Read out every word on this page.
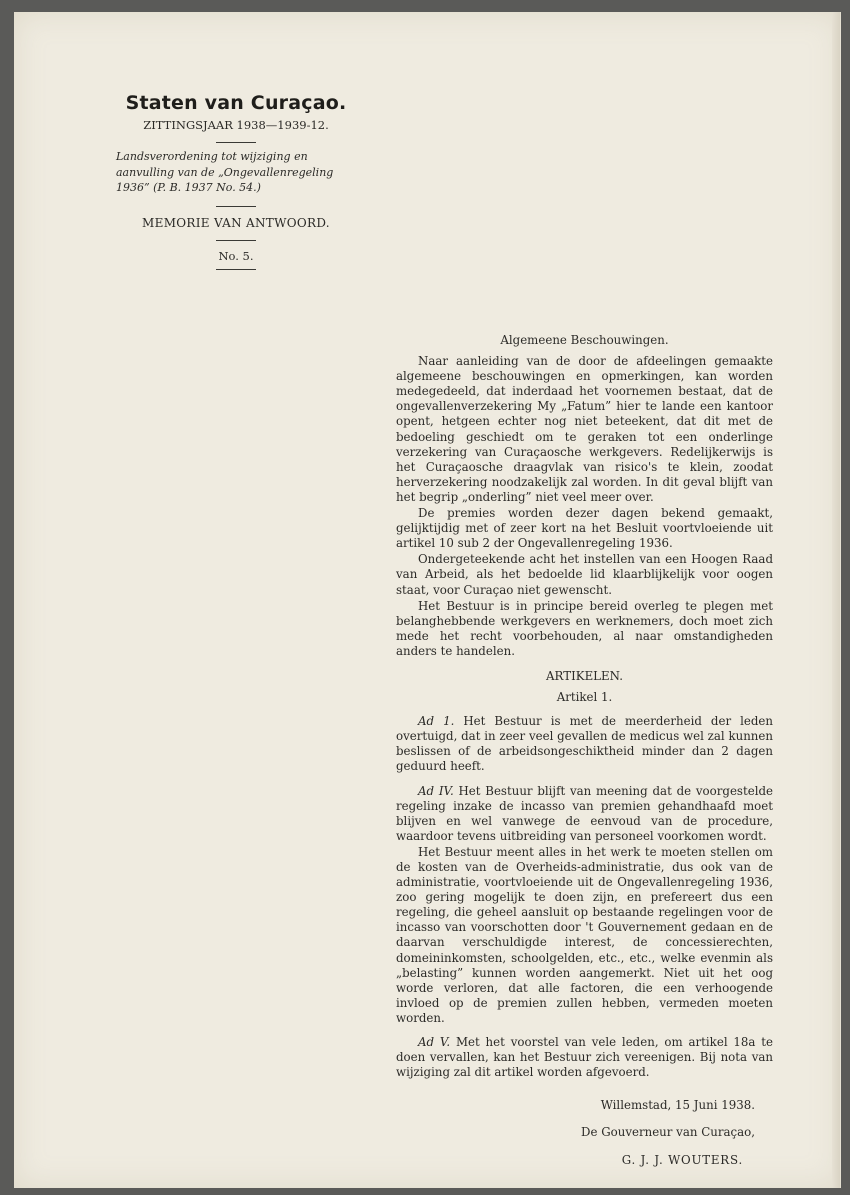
Staten van Curaçao.
ZITTINGSJAAR 1938—1939-12.
Landsverordening tot wijziging en aanvulling van de „Ongevallenregeling 1936” (P. B. 1937 No. 54.)
MEMORIE VAN ANTWOORD.
No. 5.
Algemeene Beschouwingen.

Naar aanleiding van de door de afdeelingen gemaakte algemeene beschouwingen en opmerkingen, kan worden medegedeeld, dat inderdaad het voornemen bestaat, dat de ongevallenverzekering My „Fatum” hier te lande een kantoor opent, hetgeen echter nog niet beteekent, dat dit met de bedoeling geschiedt om te geraken tot een onderlinge verzekering van Curaçaosche werkgevers. Redelijkerwijs is het Curaçaosche draagvlak van risico's te klein, zoodat herverzekering noodzakelijk zal worden. In dit geval blijft van het begrip „onderling” niet veel meer over.

De premies worden dezer dagen bekend gemaakt, gelijktijdig met of zeer kort na het Besluit voortvloeiende uit artikel 10 sub 2 der Ongevallenregeling 1936.

Ondergeteekende acht het instellen van een Hoogen Raad van Arbeid, als het bedoelde lid klaarblijkelijk voor oogen staat, voor Curaçao niet gewenscht.

Het Bestuur is in principe bereid overleg te plegen met belanghebbende werkgevers en werknemers, doch moet zich mede het recht voorbehouden, al naar omstandigheden anders te handelen.

ARTIKELEN.
Artikel 1.

Ad 1. Het Bestuur is met de meerderheid der leden overtuigd, dat in zeer veel gevallen de medicus wel zal kunnen beslissen of de arbeidsongeschiktheid minder dan 2 dagen geduurd heeft.

Ad IV. Het Bestuur blijft van meening dat de voorgestelde regeling inzake de incasso van premien gehandhaafd moet blijven en wel vanwege de eenvoud van de procedure, waardoor tevens uitbreiding van personeel voorkomen wordt.

Het Bestuur meent alles in het werk te moeten stellen om de kosten van de Overheids-administratie, dus ook van de administratie, voortvloeiende uit de Ongevallenregeling 1936, zoo gering mogelijk te doen zijn, en prefereert dus een regeling, die geheel aansluit op bestaande regelingen voor de incasso van voorschotten door 't Gouvernement gedaan en de daarvan verschuldigde interest, de concessierechten, domeininkomsten, schoolgelden, etc., etc., welke evenmin als „belasting” kunnen worden aangemerkt. Niet uit het oog worde verloren, dat alle factoren, die een verhoogende invloed op de premien zullen hebben, vermeden moeten worden.

Ad V. Met het voorstel van vele leden, om artikel 18a te doen vervallen, kan het Bestuur zich vereenigen. Bij nota van wijziging zal dit artikel worden afgevoerd.

Willemstad, 15 Juni 1938.
De Gouverneur van Curaçao,
G. J. J. WOUTERS.
